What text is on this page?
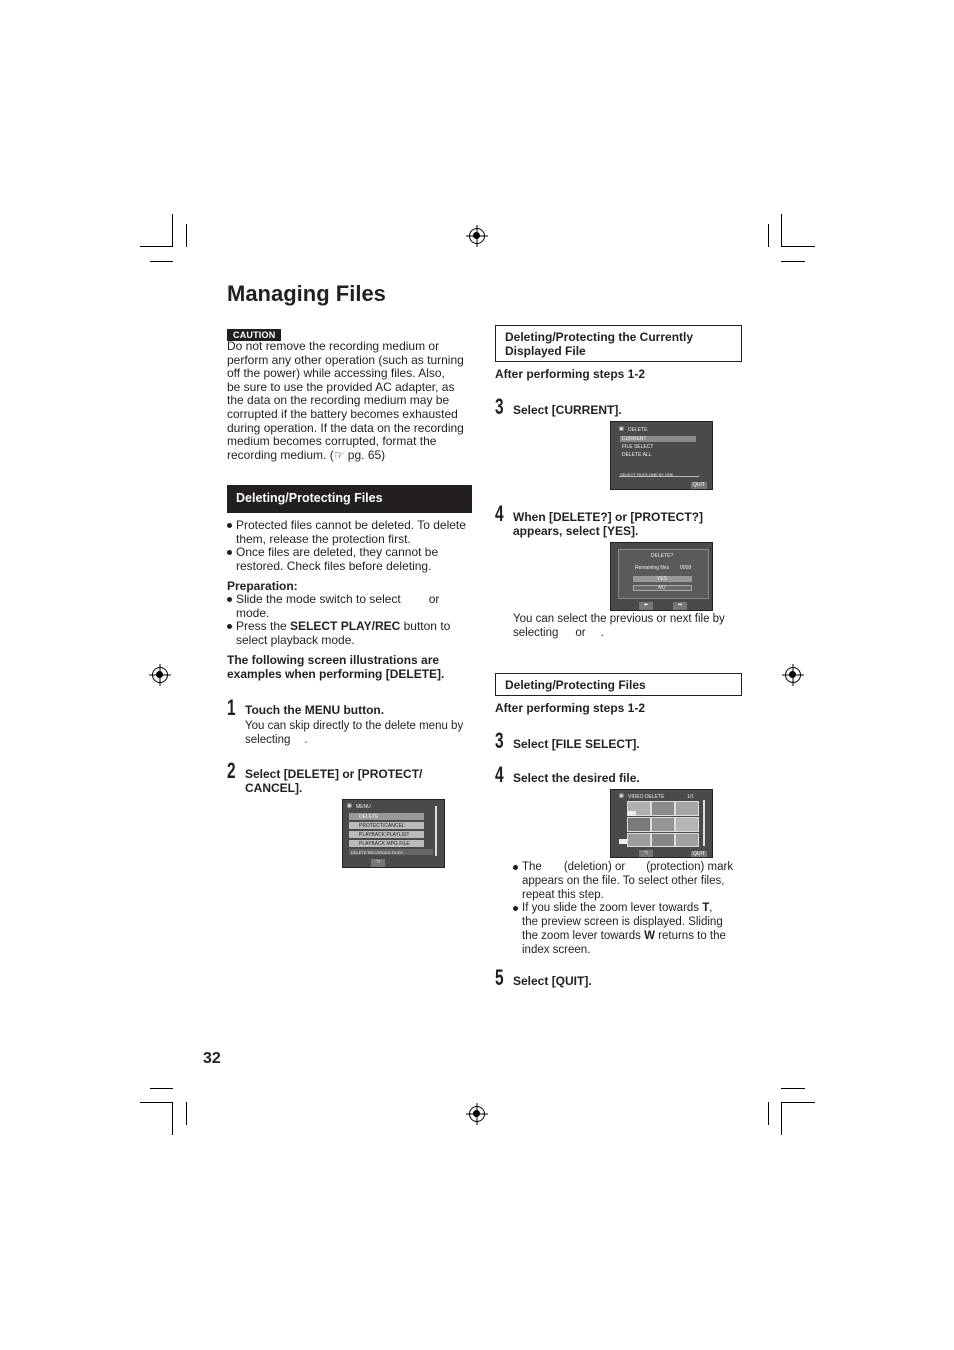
Managing Files
CAUTION
Do not remove the recording medium or
perform any other operation (such as turning
off the power) while accessing files. Also,
be sure to use the provided AC adapter, as
the data on the recording medium may be
corrupted if the battery becomes exhausted
during operation. If the data on the recording
medium becomes corrupted, format the
recording medium. (☞ pg. 65)
Deleting/Protecting Files
Protected files cannot be deleted. To delete
them, release the protection first.
Once files are deleted, they cannot be
restored. Check files before deleting.
Preparation:
Slide the mode switch to select or
mode.
Press the SELECT PLAY/REC button to
select playback mode.
The following screen illustrations are
examples when performing [DELETE].
1 Touch the MENU button.
You can skip directly to the delete menu by
selecting .
2 Select [DELETE] or [PROTECT/
CANCEL].
MENU
▣
DELETE
PROTECT/CANCEL
PLAYBACK PLAYLIST
PLAYBACK MPG FILE
DELETE RECORDED FILES
⮌
Deleting/Protecting the Currently
Displayed File
After performing steps 1-2
3 Select [CURRENT].
▣ DELETE
CURRENT
FILE SELECT
DELETE ALL
SELECT FILES ONE BY ONE
QUIT
4 When [DELETE?] or [PROTECT?]
appears, select [YES].
DELETE?
Remaining files 0008
YES
NO
⬅	➡
You can select the previous or next file by
selecting or .
Deleting/Protecting Files
After performing steps 1-2
3 Select [FILE SELECT].
4 Select the desired file.
▣ VIDEO DELETE	1/1
⮌	QUIT
The (deletion) or (protection) mark
appears on the file. To select other files,
repeat this step.
If you slide the zoom lever towards T,
the preview screen is displayed. Sliding
the zoom lever towards W returns to the
index screen.
5 Select [QUIT].
32
